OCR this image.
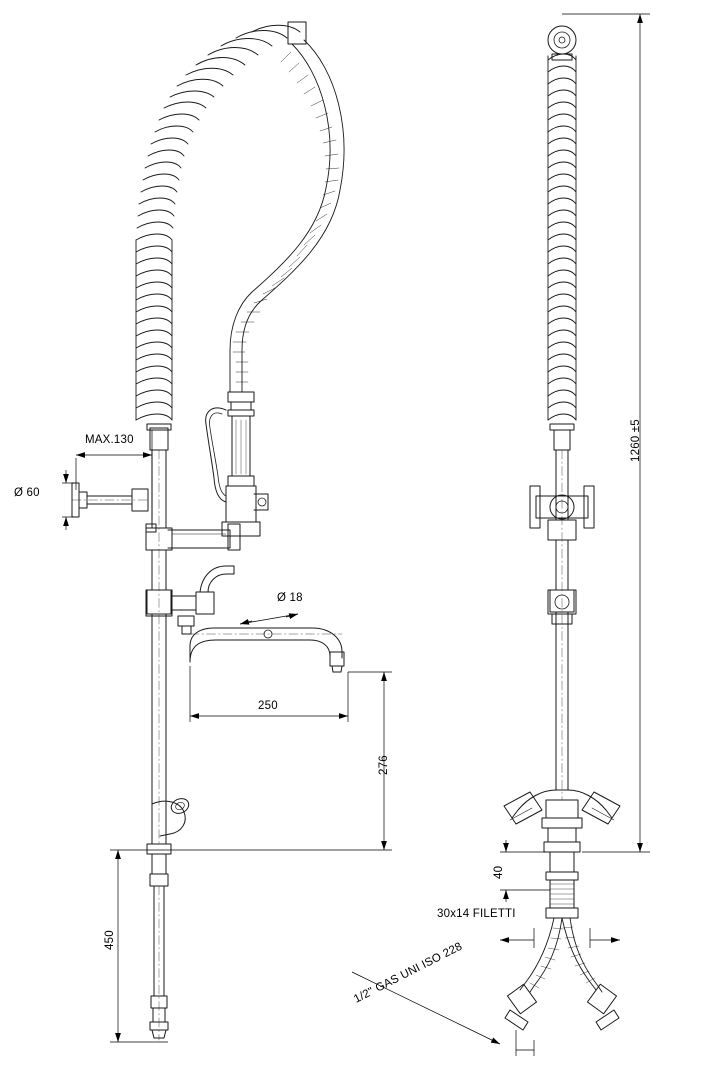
MAX.130
Ø 60
Ø 18
250
276
450
1260 ±5
40
30x14 FILETTI
1/2" GAS UNI ISO 228
